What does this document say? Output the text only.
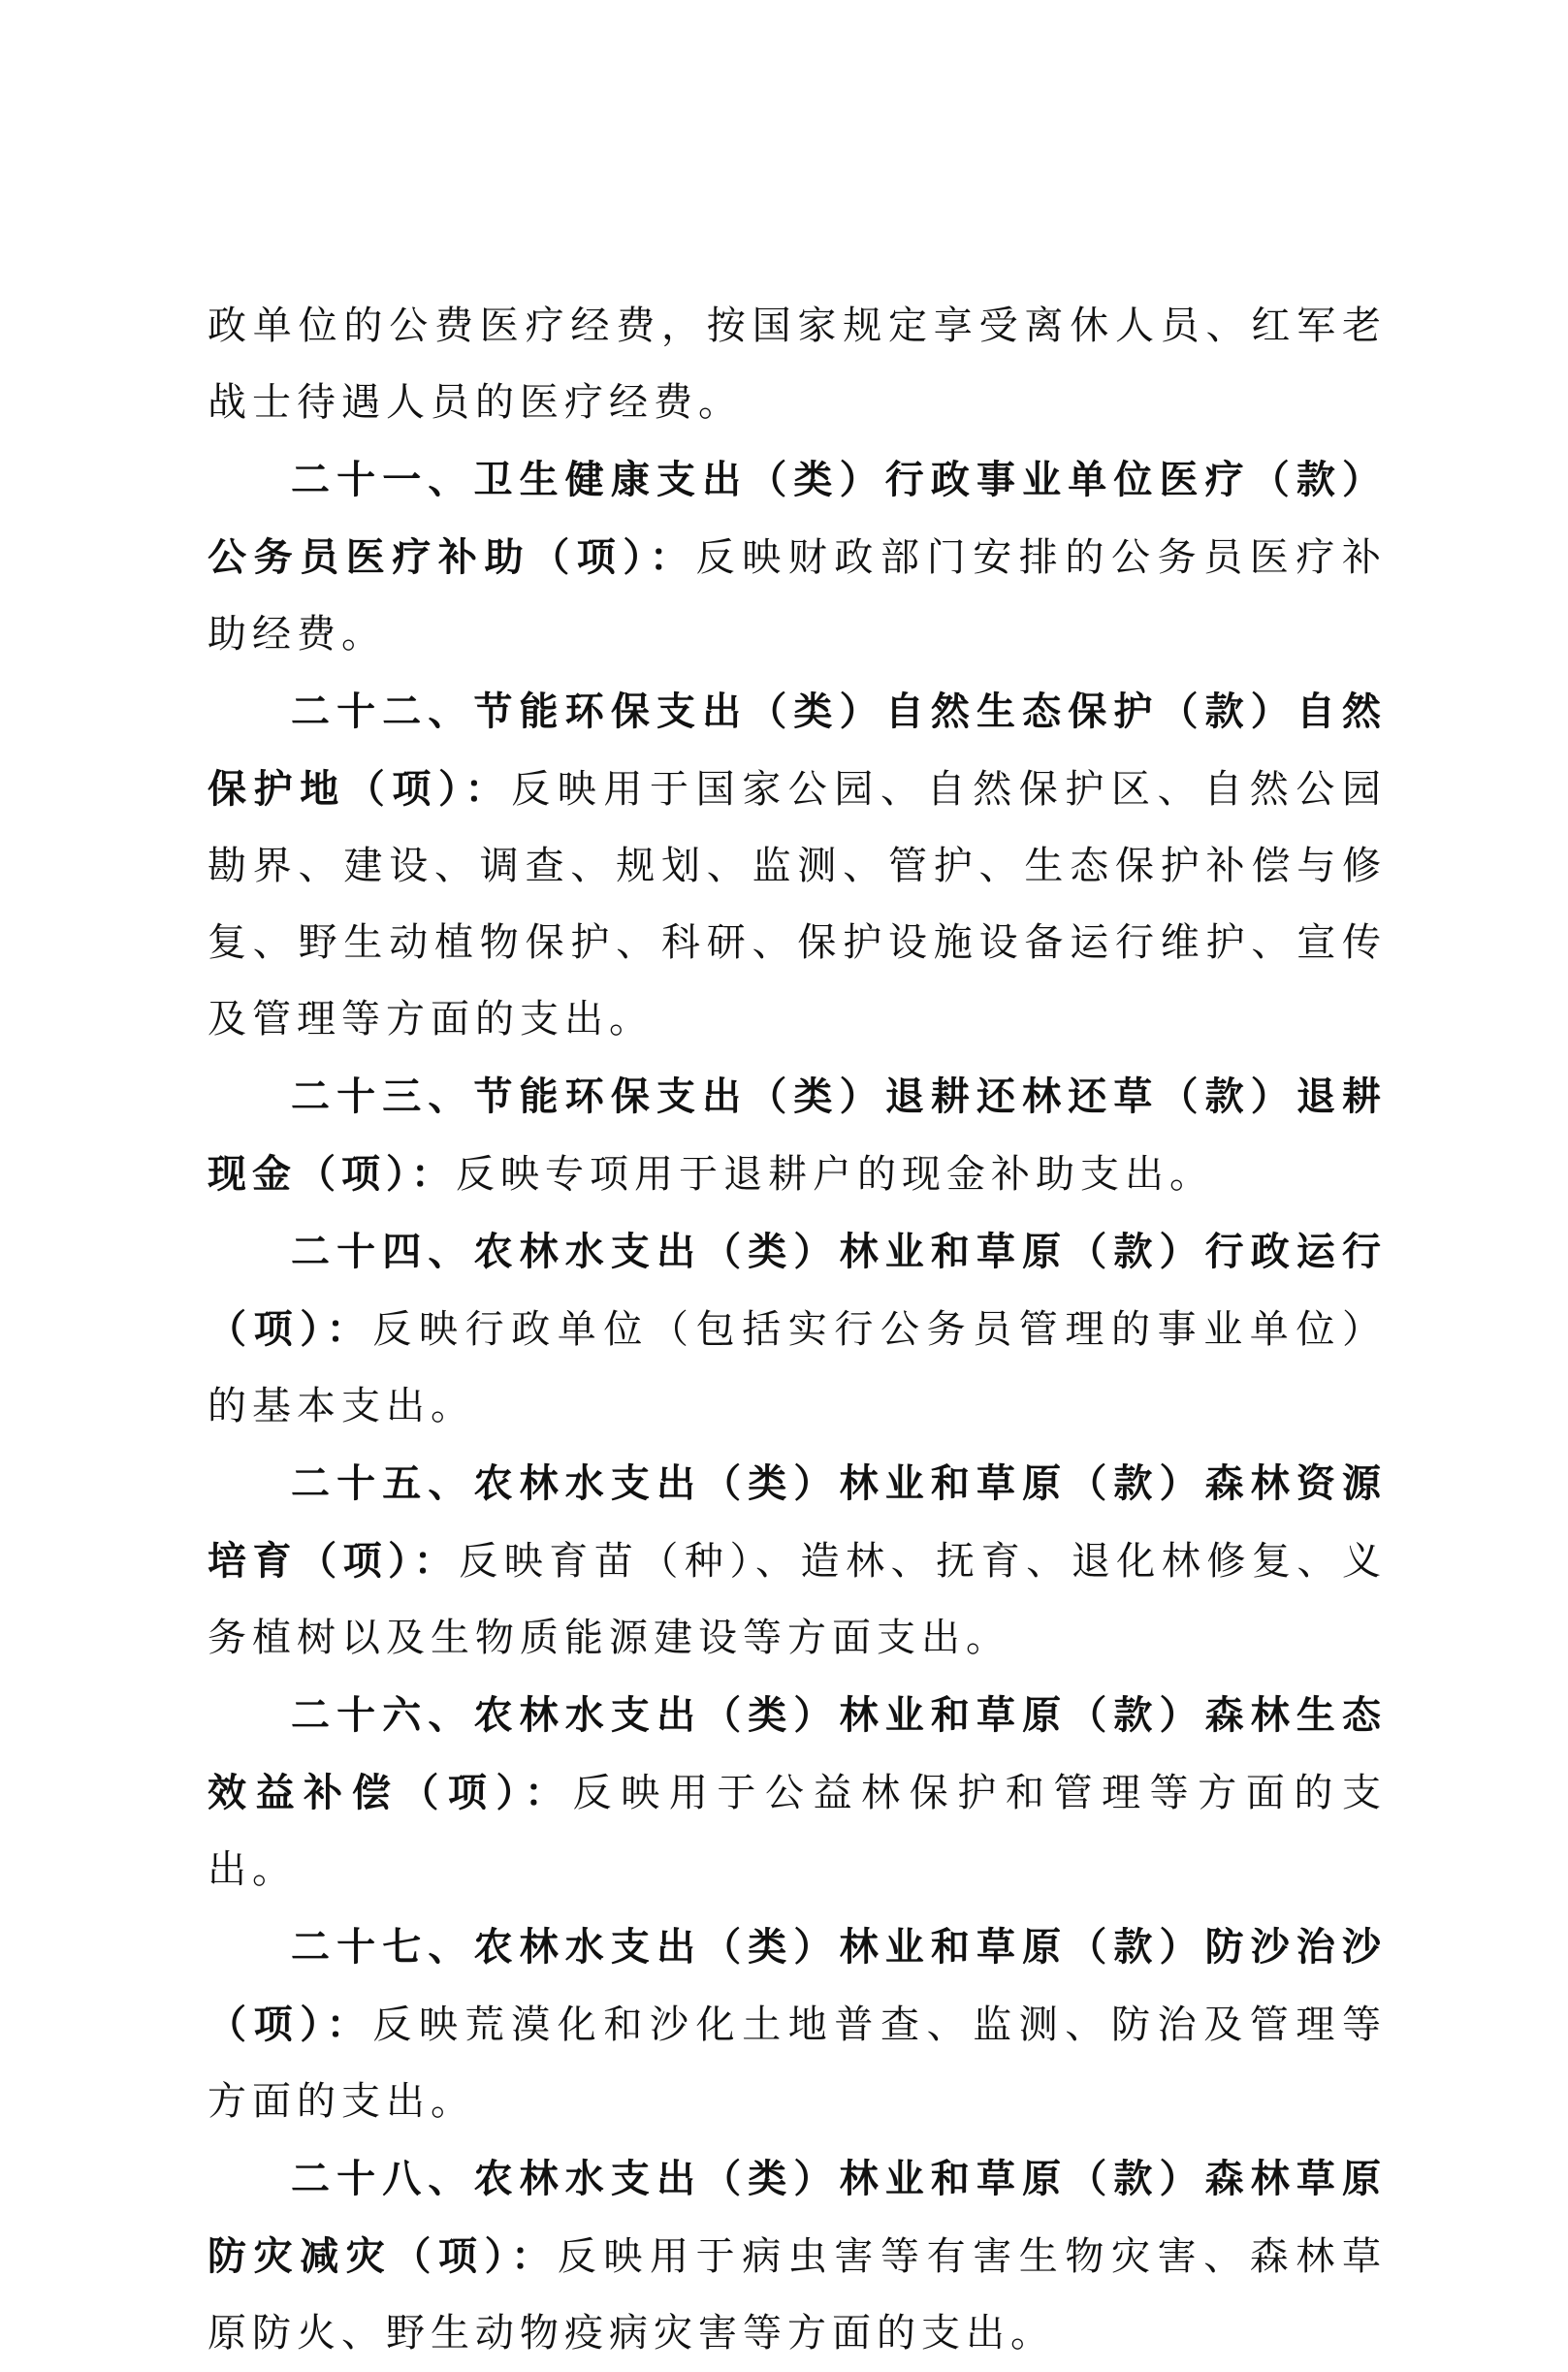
政单位的公费医疗经费，按国家规定享受离休人员、红军老战士待遇人员的医疗经费。

二十一、卫生健康支出（类）行政事业单位医疗（款）公务员医疗补助（项）：反映财政部门安排的公务员医疗补助经费。

二十二、节能环保支出（类）自然生态保护（款）自然保护地（项）：反映用于国家公园、自然保护区、自然公园勘界、建设、调查、规划、监测、管护、生态保护补偿与修复、野生动植物保护、科研、保护设施设备运行维护、宣传及管理等方面的支出。

二十三、节能环保支出（类）退耕还林还草（款）退耕现金（项）：反映专项用于退耕户的现金补助支出。

二十四、农林水支出（类）林业和草原（款）行政运行（项）：反映行政单位（包括实行公务员管理的事业单位）的基本支出。

二十五、农林水支出（类）林业和草原（款）森林资源培育（项）：反映育苗（种）、造林、抚育、退化林修复、义务植树以及生物质能源建设等方面支出。

二十六、农林水支出（类）林业和草原（款）森林生态效益补偿（项）：反映用于公益林保护和管理等方面的支出。

二十七、农林水支出（类）林业和草原（款）防沙治沙（项）：反映荒漠化和沙化土地普查、监测、防治及管理等方面的支出。

二十八、农林水支出（类）林业和草原（款）森林草原防灾减灾（项）：反映用于病虫害等有害生物灾害、森林草原防火、野生动物疫病灾害等方面的支出。
